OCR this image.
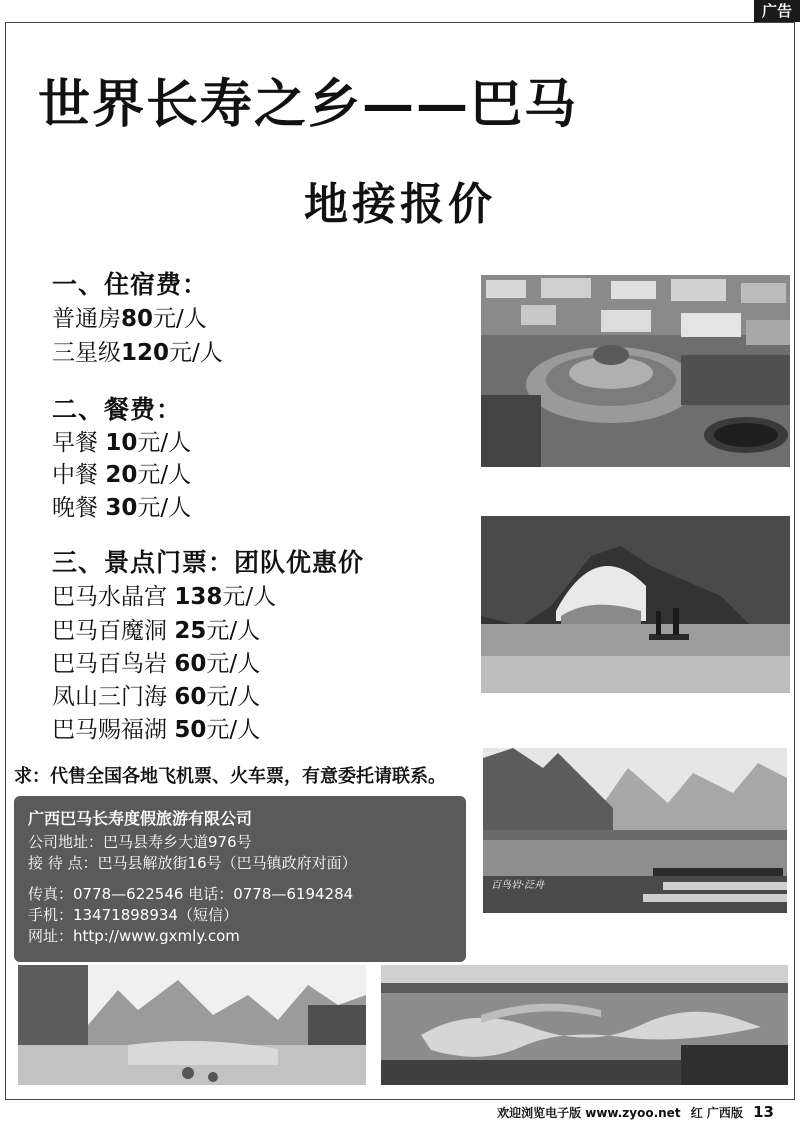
广告
世界长寿之乡——巴马
地接报价
一、住宿费：
普通房80元/人
三星级120元/人
二、餐费：
早餐 10元/人
中餐 20元/人
晚餐 30元/人
三、景点门票：团队优惠价
巴马水晶宫 138元/人
巴马百魔洞 25元/人
巴马百鸟岩 60元/人
凤山三门海 60元/人
巴马赐福湖 50元/人
求：代售全国各地飞机票、火车票，有意委托请联系。
广西巴马长寿度假旅游有限公司
公司地址：巴马县寿乡大道976号
接 待 点：巴马县解放街16号（巴马镇政府对面）
传真：0778—622546 电话：0778—6194284
手机：13471898934（短信）
网址：http://www.gxmly.com
百鸟岩·泛舟
欢迎浏览电子版 www.zyoo.net 红 广西版 13
